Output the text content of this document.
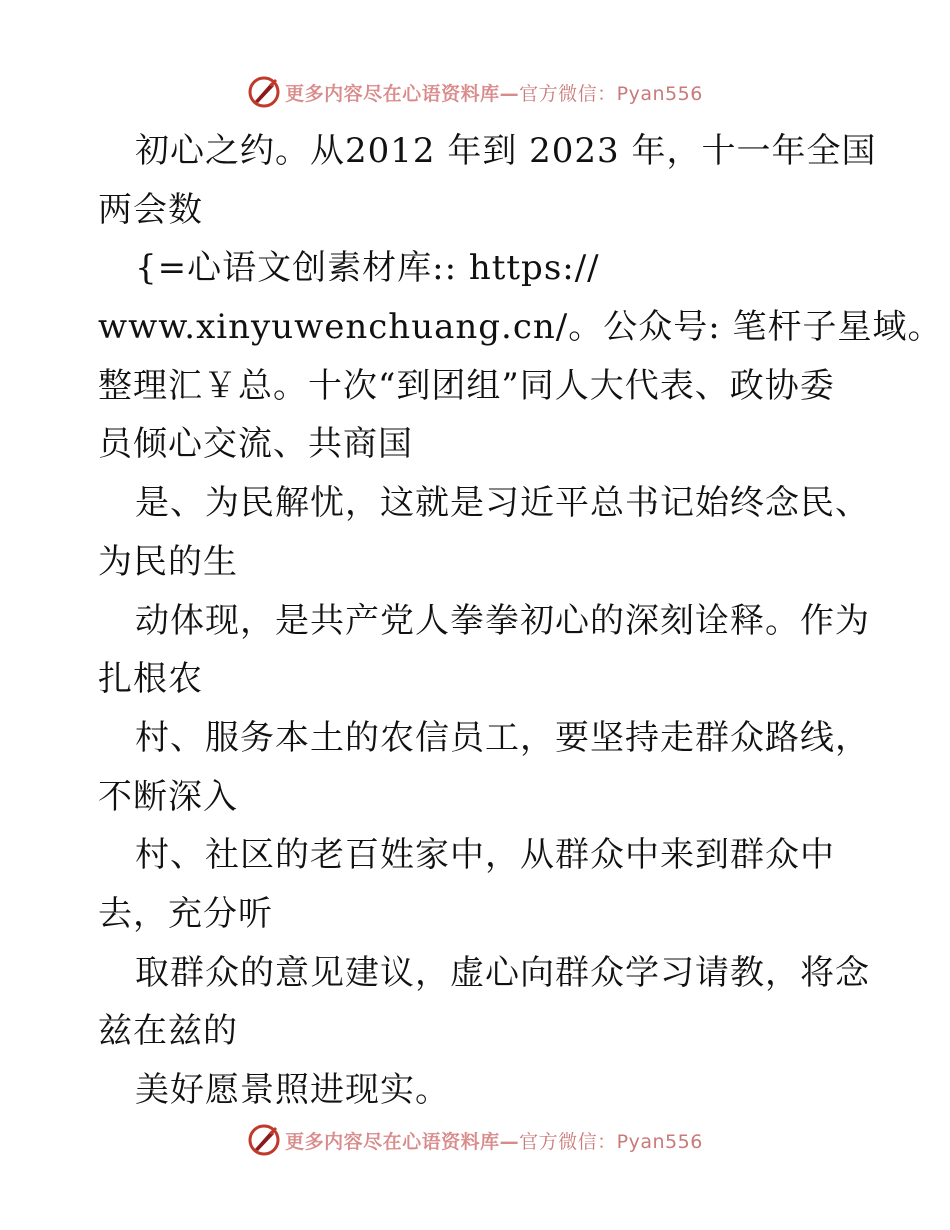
更多内容尽在心语资料库—官方微信：Pyan556
初心之约。从2012 年到 2023 年，十一年全国
两会数
{=心语文创素材库:: https://
www.xinyuwenchuang.cn/。公众号: 笔杆子星域。
整理汇￥总。十次“到团组”同人大代表、政协委
员倾心交流、共商国
是、为民解忧，这就是习近平总书记始终念民、
为民的生
动体现，是共产党人拳拳初心的深刻诠释。作为
扎根农
村、服务本土的农信员工，要坚持走群众路线，
不断深入
村、社区的老百姓家中，从群众中来到群众中
去，充分听
取群众的意见建议，虚心向群众学习请教，将念
兹在兹的
美好愿景照进现实。
更多内容尽在心语资料库—官方微信：Pyan556
